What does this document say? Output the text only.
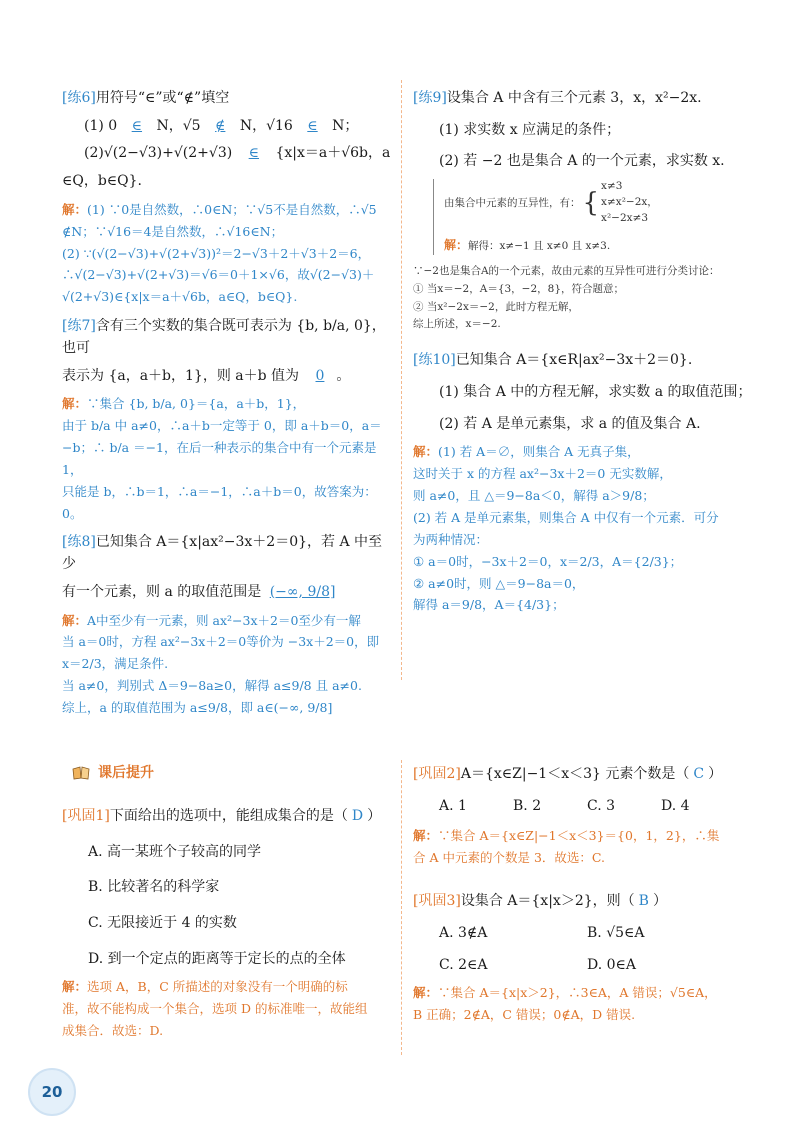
[练6]用符号“∈”或“∉”填空

(1) 0 ∈ N，√5 ∉ N，√16 ∈ N；

(2)√(2−√3)+√(2+√3) ∈ {x|x＝a＋√6b，a

∈Q，b∈Q}.

解：(1) ∵0是自然数，∴0∈N；∵√5不是自然数，∴√5
∉N；∵√16＝4是自然数，∴√16∈N；
(2) ∵(√(2−√3)+√(2+√3))²＝2−√3＋2＋√3＋2＝6，
∴√(2−√3)+√(2+√3)＝√6＝0＋1×√6，故√(2−√3)＋
√(2+√3)∈{x|x＝a＋√6b，a∈Q，b∈Q}.

[练7]含有三个实数的集合既可表示为 {b, b/a, 0}，也可

表示为 {a，a＋b，1}，则 a＋b 值为 0 。

解：∵集合 {b, b/a, 0}＝{a，a＋b，1}，
由于 b/a 中 a≠0，∴a＋b一定等于 0，即 a＋b＝0，a＝
−b；∴ b/a ＝−1，在后一种表示的集合中有一个元素是1，
只能是 b，∴b＝1，∴a＝−1，∴a＋b＝0，故答案为：0。

[练8]已知集合 A＝{x|ax²−3x＋2＝0}，若 A 中至少

有一个元素，则 a 的取值范围是 (−∞, 9/8]

解：A中至少有一元素，则 ax²−3x＋2＝0至少有一解
当 a＝0时，方程 ax²−3x＋2＝0等价为 −3x＋2＝0，即
x＝2/3，满足条件.
当 a≠0，判别式 Δ＝9−8a≥0，解得 a≤9/8 且 a≠0.
综上，a 的取值范围为 a≤9/8，即 a∈(−∞, 9/8]

[练9]设集合 A 中含有三个元素 3，x，x²−2x.

(1) 求实数 x 应满足的条件；

(2) 若 −2 也是集合 A 的一个元素，求实数 x.

由集合中元素的互异性，有： {
x≠3
x≠x²−2x，
x²−2x≠3
解：解得：x≠−1 且 x≠0 且 x≠3.
∵−2也是集合A的一个元素，故由元素的互异性可进行分类讨论：
① 当x＝−2，A＝{3，−2，8}，符合题意；
② 当x²−2x＝−2，此时方程无解，
综上所述，x＝−2.

[练10]已知集合 A＝{x∈R|ax²−3x＋2＝0}.

(1) 集合 A 中的方程无解，求实数 a 的取值范围；

(2) 若 A 是单元素集，求 a 的值及集合 A.

解：(1) 若 A＝∅，则集合 A 无真子集，
这时关于 x 的方程 ax²−3x＋2＝0 无实数解，
则 a≠0，且 △＝9−8a＜0，解得 a＞9/8；
(2) 若 A 是单元素集，则集合 A 中仅有一个元素．可分
为两种情况：
① a＝0时，−3x＋2＝0，x＝2/3，A＝{2/3}；
② a≠0时，则 △＝9−8a＝0，
解得 a＝9/8，A＝{4/3}；
课后提升

[巩固1]下面给出的选项中，能组成集合的是（ D ）

A. 高一某班个子较高的同学

B. 比较著名的科学家

C. 无限接近于 4 的实数

D. 到一个定点的距离等于定长的点的全体

解：选项 A，B，C 所描述的对象没有一个明确的标
准，故不能构成一个集合，选项 D 的标准唯一，故能组
成集合．故选：D.

[巩固2]A＝{x∈Z|−1＜x＜3} 元素个数是（ C ）

A. 1	B. 2	C. 3	D. 4
解：∵集合 A＝{x∈Z|−1＜x＜3}＝{0，1，2}，∴集
合 A 中元素的个数是 3．故选：C.

[巩固3]设集合 A＝{x|x＞2}，则（ B ）

A. 3∉A	B. √5∈A
C. 2∈A	D. 0∈A
解：∵集合 A＝{x|x＞2}，∴3∈A，A 错误；√5∈A，
B 正确；2∉A，C 错误；0∉A，D 错误.
20
